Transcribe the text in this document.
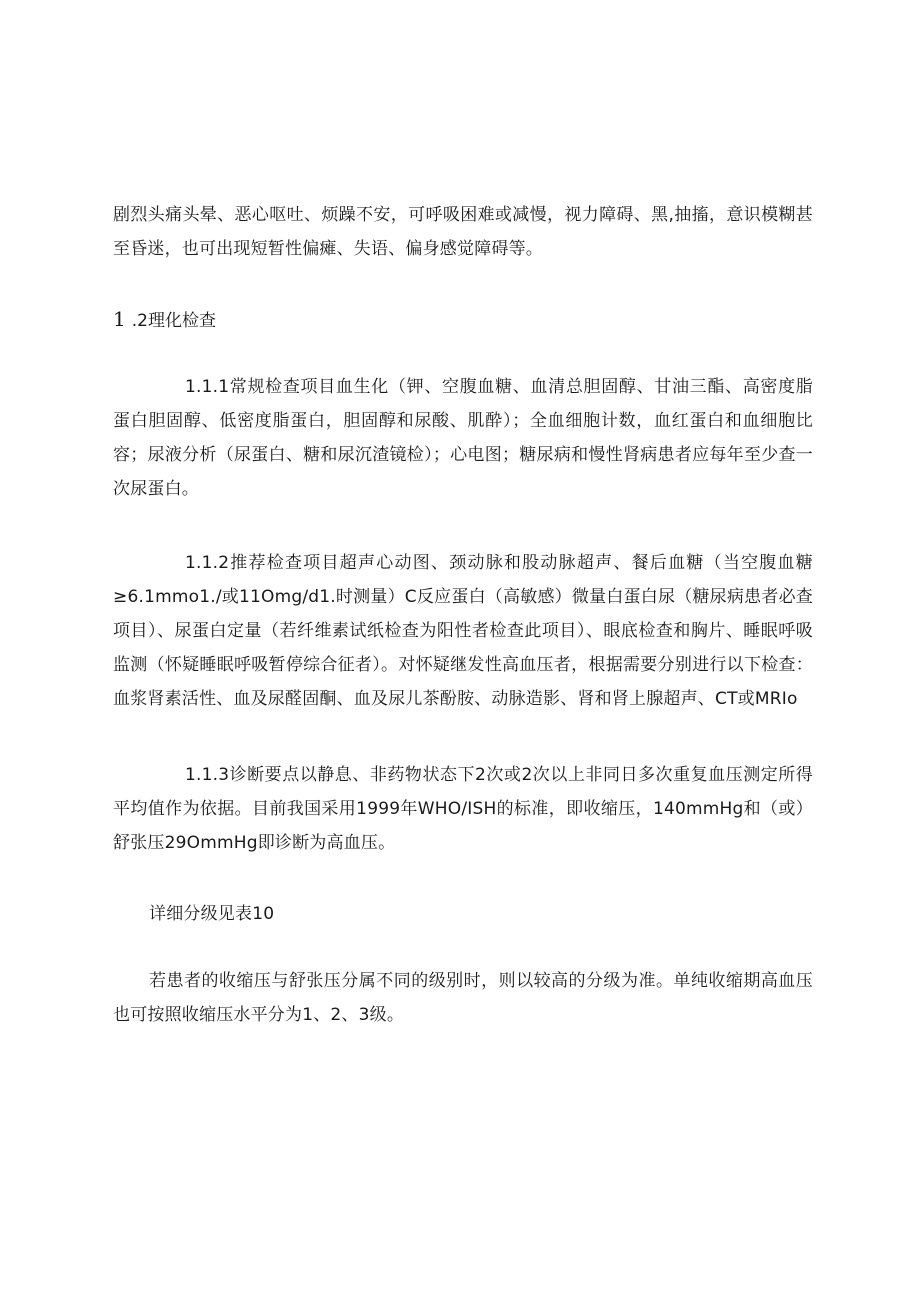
剧烈头痛头晕、恶心呕吐、烦躁不安，可呼吸困难或减慢，视力障碍、黑,抽搐，意识模糊甚至昏迷，也可出现短暂性偏瘫、失语、偏身感觉障碍等。

1 .2理化检查

1.1.1常规检查项目血生化（钾、空腹血糖、血清总胆固醇、甘油三酯、高密度脂蛋白胆固醇、低密度脂蛋白，胆固醇和尿酸、肌酔）；全血细胞计数，血红蛋白和血细胞比容；尿液分析（尿蛋白、糖和尿沉渣镜检）；心电图；糖尿病和慢性肾病患者应每年至少查一次尿蛋白。

1.1.2推荐检查项目超声心动图、颈动脉和股动脉超声、餐后血糖（当空腹血糖≥6.1mmo1./或11Omg∕d1.时测量）C反应蛋白（高敏感）微量白蛋白尿（糖尿病患者必查项目）、尿蛋白定量（若纤维素试纸检查为阳性者检查此项目）、眼底检查和胸片、睡眠呼吸监测（怀疑睡眠呼吸暂停综合征者）。对怀疑继发性高血压者，根据需要分别进行以下检查：血浆肾素活性、血及尿醛固酮、血及尿儿茶酚胺、动脉造影、肾和肾上腺超声、CT或MRIo

1.1.3诊断要点以静息、非药物状态下2次或2次以上非同日多次重复血压测定所得平均值作为依据。目前我国采用1999年WHO/ISH的标准，即收缩压，140mmHg和（或）舒张压29OmmHg即诊断为高血压。

详细分级见表10

若患者的收缩压与舒张压分属不同的级别时，则以较高的分级为准。单纯收缩期高血压也可按照收缩压水平分为1、2、3级。
